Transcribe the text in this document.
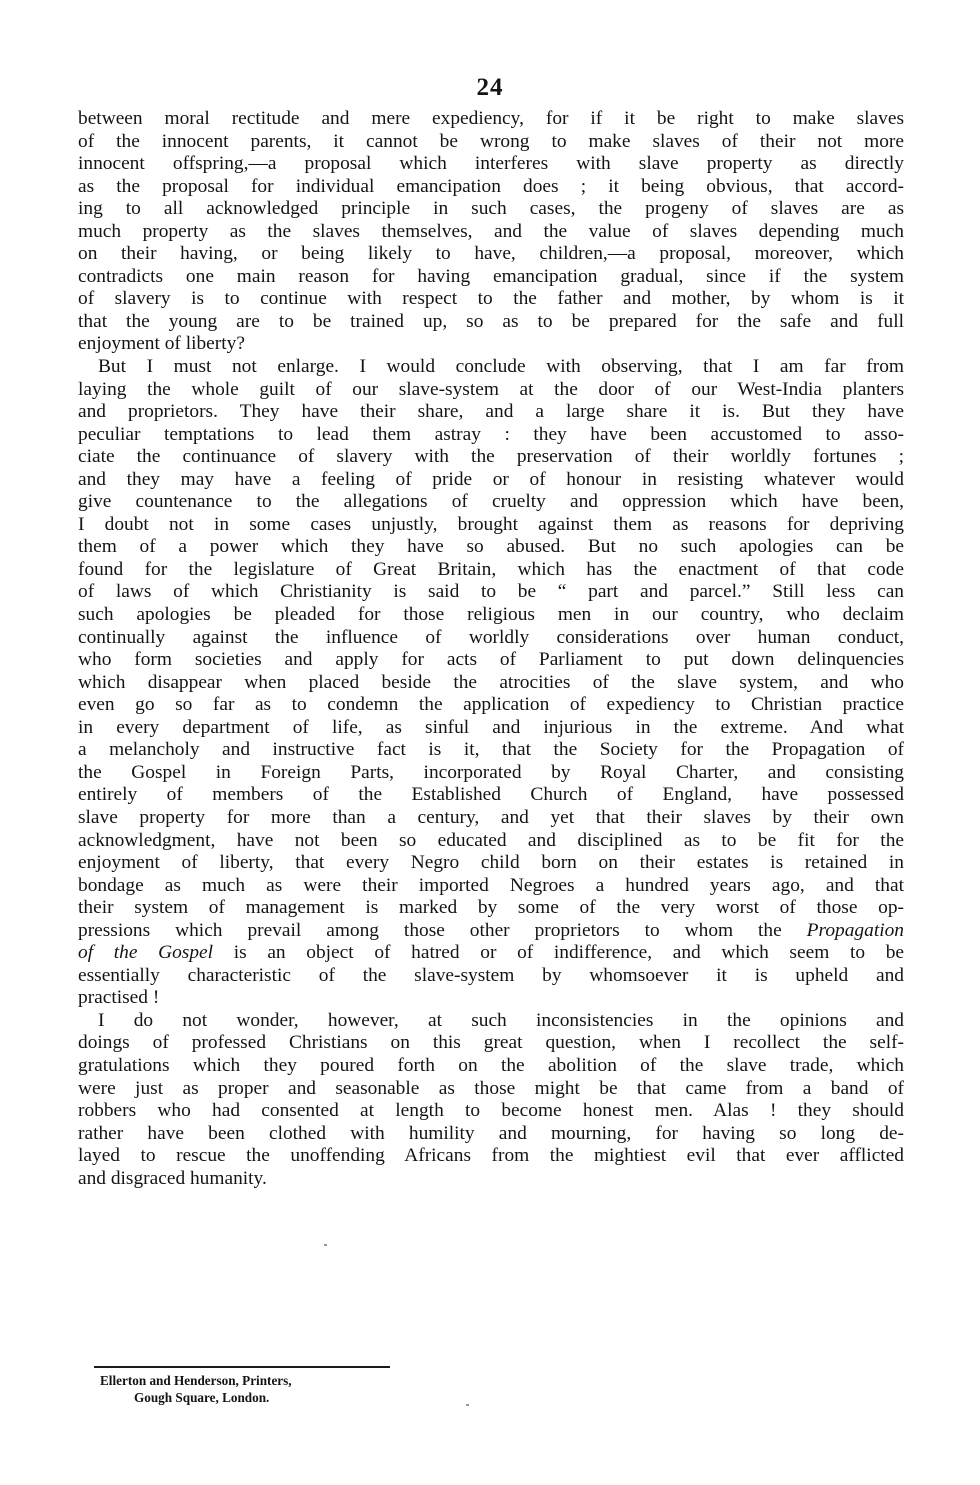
24

between moral rectitude and mere expediency, for if it be right to make slaves
of the innocent parents, it cannot be wrong to make slaves of their not more
innocent offspring,—a proposal which interferes with slave property as directly
as the proposal for individual emancipation does ; it being obvious, that accord-
ing to all acknowledged principle in such cases, the progeny of slaves are as
much property as the slaves themselves, and the value of slaves depending much
on their having, or being likely to have, children,—a proposal, moreover, which
contradicts one main reason for having emancipation gradual, since if the system
of slavery is to continue with respect to the father and mother, by whom is it
that the young are to be trained up, so as to be prepared for the safe and full
enjoyment of liberty?

But I must not enlarge. I would conclude with observing, that I am far from
laying the whole guilt of our slave-system at the door of our West-India planters
and proprietors. They have their share, and a large share it is. But they have
peculiar temptations to lead them astray : they have been accustomed to asso-
ciate the continuance of slavery with the preservation of their worldly fortunes ;
and they may have a feeling of pride or of honour in resisting whatever would
give countenance to the allegations of cruelty and oppression which have been,
I doubt not in some cases unjustly, brought against them as reasons for depriving
them of a power which they have so abused. But no such apologies can be
found for the legislature of Great Britain, which has the enactment of that code
of laws of which Christianity is said to be “ part and parcel.” Still less can
such apologies be pleaded for those religious men in our country, who declaim
continually against the influence of worldly considerations over human conduct,
who form societies and apply for acts of Parliament to put down delinquencies
which disappear when placed beside the atrocities of the slave system, and who
even go so far as to condemn the application of expediency to Christian practice
in every department of life, as sinful and injurious in the extreme. And what
a melancholy and instructive fact is it, that the Society for the Propagation of
the Gospel in Foreign Parts, incorporated by Royal Charter, and consisting
entirely of members of the Established Church of England, have possessed
slave property for more than a century, and yet that their slaves by their own
acknowledgment, have not been so educated and disciplined as to be fit for the
enjoyment of liberty, that every Negro child born on their estates is retained in
bondage as much as were their imported Negroes a hundred years ago, and that
their system of management is marked by some of the very worst of those op-
pressions which prevail among those other proprietors to whom the Propagation
of the Gospel is an object of hatred or of indifference, and which seem to be
essentially characteristic of the slave-system by whomsoever it is upheld and
practised !

I do not wonder, however, at such inconsistencies in the opinions and
doings of professed Christians on this great question, when I recollect the self-
gratulations which they poured forth on the abolition of the slave trade, which
were just as proper and seasonable as those might be that came from a band of
robbers who had consented at length to become honest men. Alas ! they should
rather have been clothed with humility and mourning, for having so long de-
layed to rescue the unoffending Africans from the mightiest evil that ever afflicted
and disgraced humanity.

Ellerton and Henderson, Printers,
Gough Square, London.
